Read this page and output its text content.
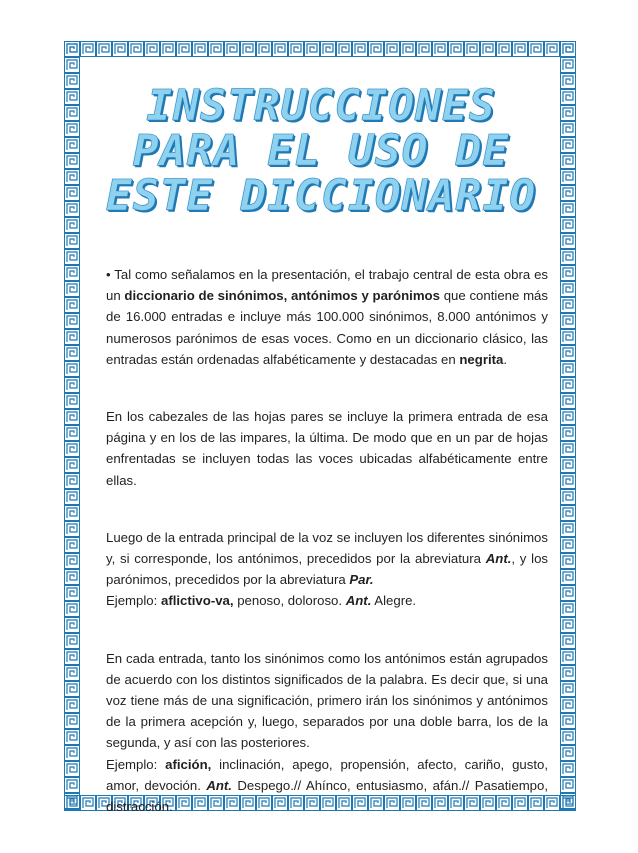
INSTRUCCIONES
PARA EL USO DE
ESTE DICCIONARIO

• Tal como señalamos en la presentación, el trabajo central de esta obra es un diccionario de sinónimos, antónimos y parónimos que contiene más de 16.000 entradas e incluye más 100.000 sinónimos, 8.000 antónimos y numerosos parónimos de esas voces. Como en un diccionario clásico, las entradas están ordenadas alfabéticamente y destacadas en negrita.

En los cabezales de las hojas pares se incluye la primera entrada de esa página y en los de las impares, la última. De modo que en un par de hojas enfrentadas se incluyen todas las voces ubicadas alfabéticamente entre ellas.

Luego de la entrada principal de la voz se incluyen los diferentes sinónimos y, si corresponde, los antónimos, precedidos por la abreviatura Ant., y los parónimos, precedidos por la abreviatura Par.
Ejemplo: aflictivo-va, penoso, doloroso. Ant. Alegre.

En cada entrada, tanto los sinónimos como los antónimos están agrupados de acuerdo con los distintos significados de la palabra. Es decir que, si una voz tiene más de una significación, primero irán los sinónimos y antónimos de la primera acepción y, luego, separados por una doble barra, los de la segunda, y así con las posteriores.
Ejemplo: afición, inclinación, apego, propensión, afecto, cariño, gusto, amor, devoción. Ant. Despego.// Ahínco, entusiasmo, afán.// Pasatiempo, distracción.
